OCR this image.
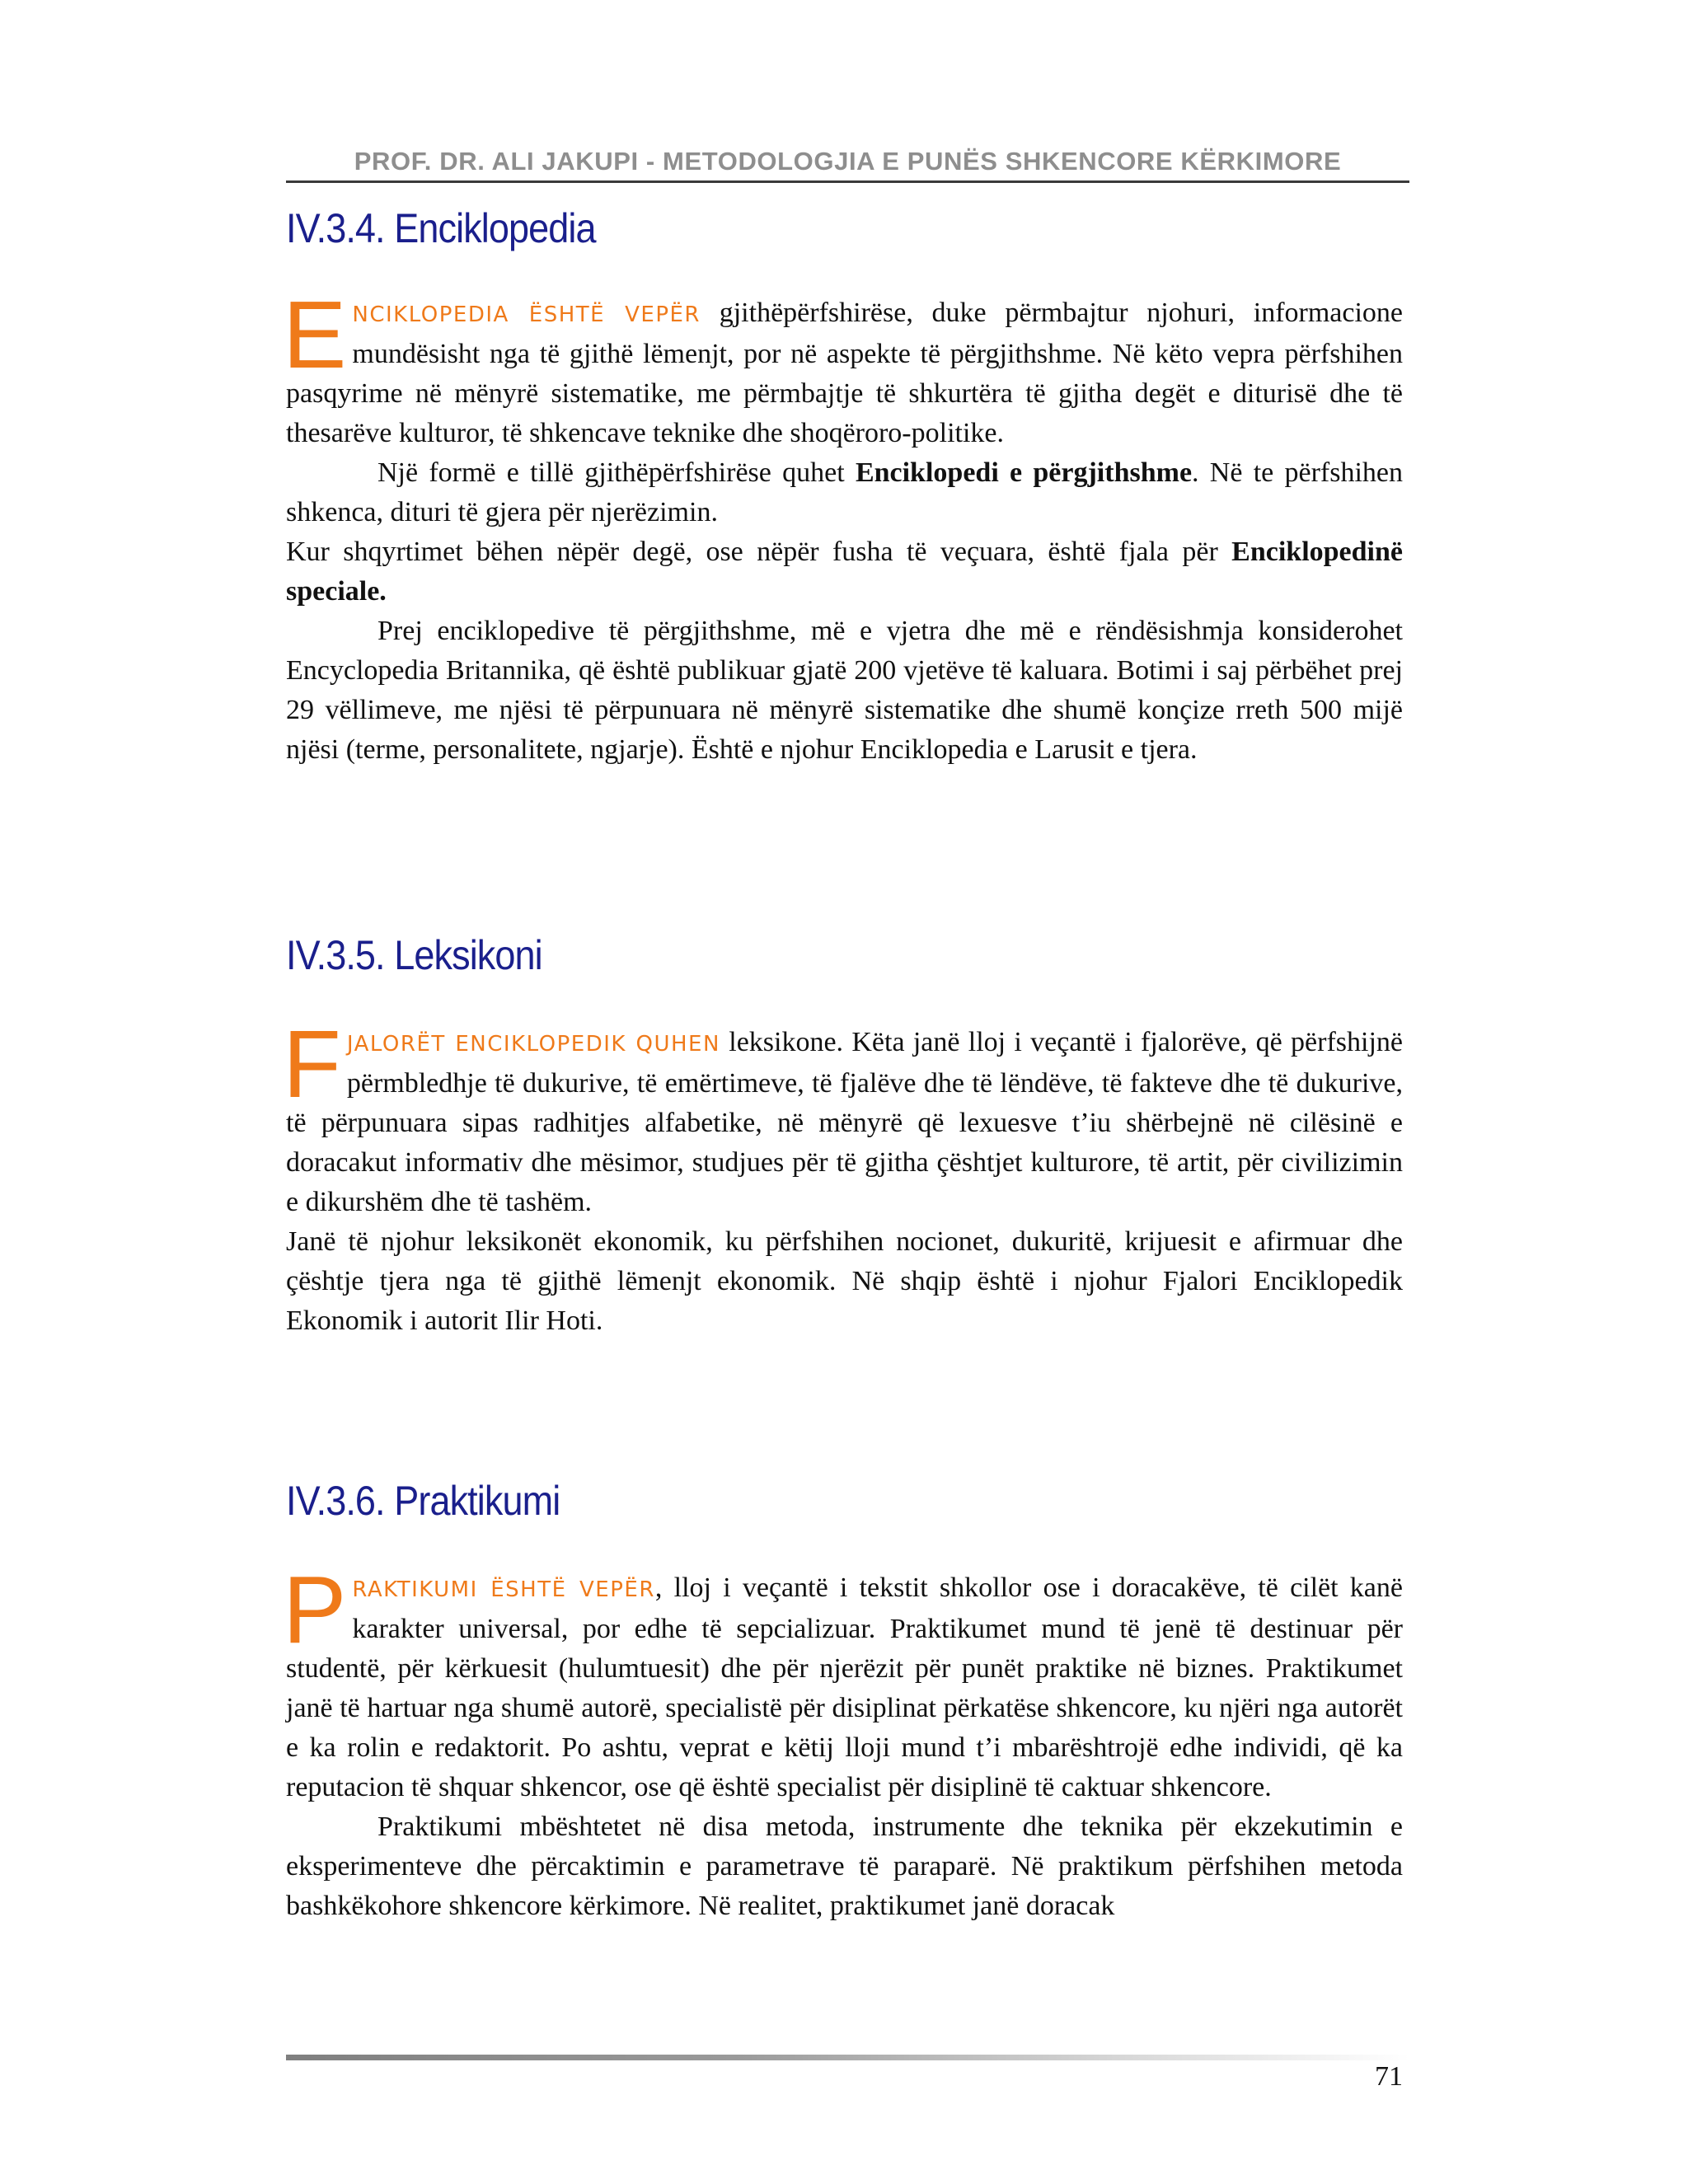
PROF. DR. ALI JAKUPI - METODOLOGJIA E PUNËS SHKENCORE KËRKIMORE
IV.3.4. Enciklopedia

ENCIKLOPEDIA ËSHTË VEPËR gjithëpërfshirëse, duke përmbajtur njohuri, informacione mundësisht nga të gjithë lëmenjt, por në aspekte të përgjithshme. Në këto vepra përfshihen pasqyrime në mënyrë sistematike, me përmbajtje të shkurtëra të gjitha degët e diturisë dhe të thesarëve kulturor, të shkencave teknike dhe shoqëroro-politike.

Një formë e tillë gjithëpërfshirëse quhet Enciklopedi e përgjithshme. Në te përfshihen shkenca, dituri të gjera për njerëzimin.

Kur shqyrtimet bëhen nëpër degë, ose nëpër fusha të veçuara, është fjala për Enciklopedinë speciale.

Prej enciklopedive të përgjithshme, më e vjetra dhe më e rëndësishmja konsiderohet Encyclopedia Britannika, që është publikuar gjatë 200 vjetëve të kaluara. Botimi i saj përbëhet prej 29 vëllimeve, me njësi të përpunuara në mënyrë sistematike dhe shumë konçize rreth 500 mijë njësi (terme, personalitete, ngjarje). Është e njohur Enciklopedia e Larusit e tjera.

IV.3.5. Leksikoni

FJALORËT ENCIKLOPEDIK QUHEN leksikone. Këta janë lloj i veçantë i fjalorëve, që përfshijnë përmbledhje të dukurive, të emërtimeve, të fjalëve dhe të lëndëve, të fakteve dhe të dukurive, të përpunuara sipas radhitjes alfabetike, në mënyrë që lexuesve t’iu shërbejnë në cilësinë e doracakut informativ dhe mësimor, studjues për të gjitha çështjet kulturore, të artit, për civilizimin e dikurshëm dhe të tashëm.

Janë të njohur leksikonët ekonomik, ku përfshihen nocionet, dukuritë, krijuesit e afirmuar dhe çështje tjera nga të gjithë lëmenjt ekonomik. Në shqip është i njohur Fjalori Enciklopedik Ekonomik i autorit Ilir Hoti.

IV.3.6. Praktikumi

PRAKTIKUMI ËSHTË VEPËR, lloj i veçantë i tekstit shkollor ose i doracakëve, të cilët kanë karakter universal, por edhe të sepcializuar. Praktikumet mund të jenë të destinuar për studentë, për kërkuesit (hulumtuesit) dhe për njerëzit për punët praktike në biznes. Praktikumet janë të hartuar nga shumë autorë, specialistë për disiplinat përkatëse shkencore, ku njëri nga autorët e ka rolin e redaktorit. Po ashtu, veprat e këtij lloji mund t’i mbarështrojë edhe individi, që ka reputacion të shquar shkencor, ose që është specialist për disiplinë të caktuar shkencore.

Praktikumi mbështetet në disa metoda, instrumente dhe teknika për ekzekutimin e eksperimenteve dhe përcaktimin e parametrave të paraparë. Në praktikum përfshihen metoda bashkëkohore shkencore kërkimore. Në realitet, praktikumet janë doracak

71
